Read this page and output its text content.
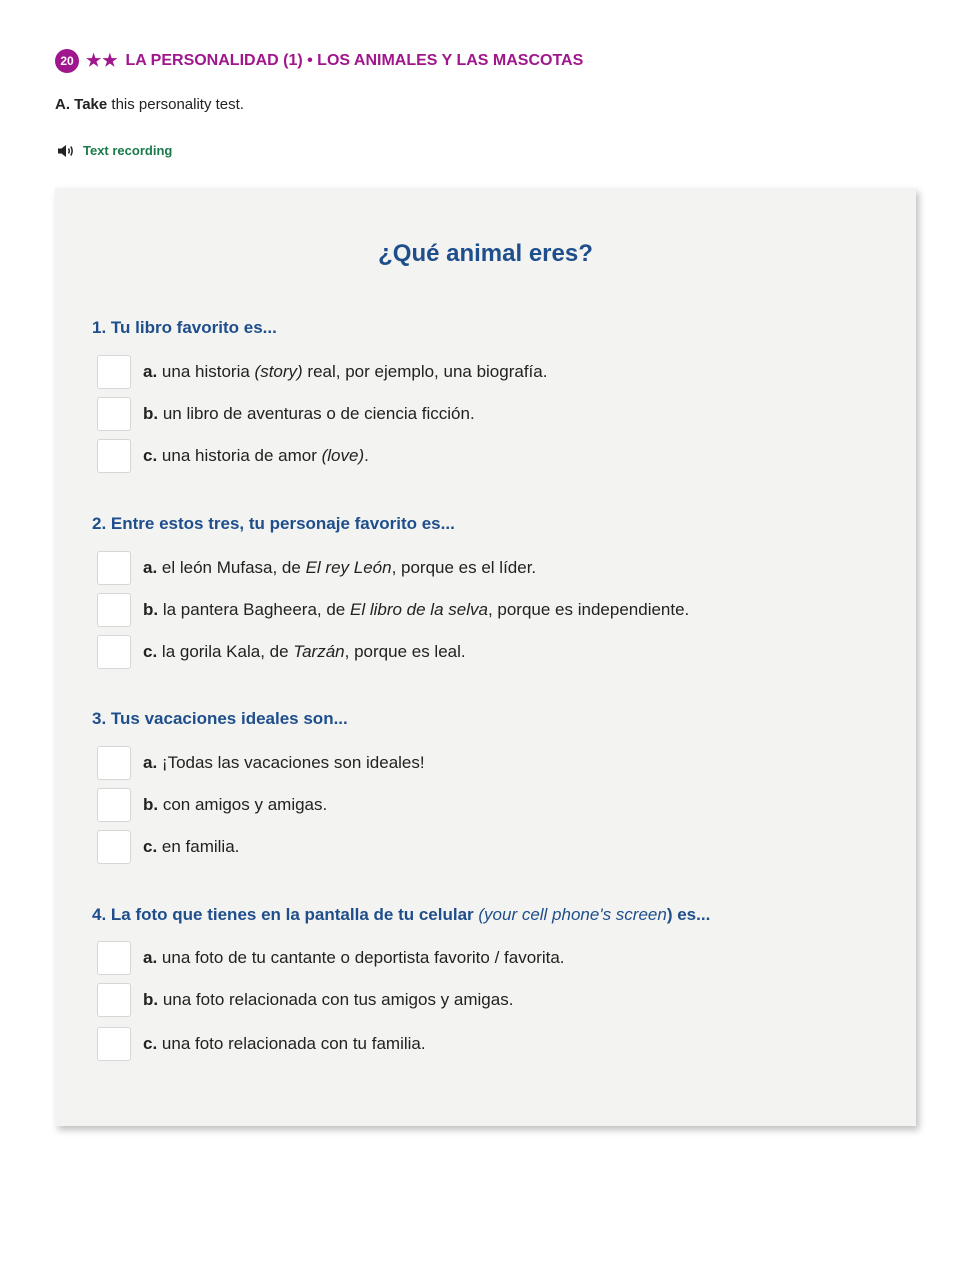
20 ★★ LA PERSONALIDAD (1) • LOS ANIMALES Y LAS MASCOTAS
A. Take this personality test.
Text recording
¿Qué animal eres?
1. Tu libro favorito es...
a. una historia (story) real, por ejemplo, una biografía.
b. un libro de aventuras o de ciencia ficción.
c. una historia de amor (love).
2. Entre estos tres, tu personaje favorito es...
a. el león Mufasa, de El rey León, porque es el líder.
b. la pantera Bagheera, de El libro de la selva, porque es independiente.
c. la gorila Kala, de Tarzán, porque es leal.
3. Tus vacaciones ideales son...
a. ¡Todas las vacaciones son ideales!
b. con amigos y amigas.
c. en familia.
4. La foto que tienes en la pantalla de tu celular (your cell phone's screen) es...
a. una foto de tu cantante o deportista favorito / favorita.
b. una foto relacionada con tus amigos y amigas.
c. una foto relacionada con tu familia.
